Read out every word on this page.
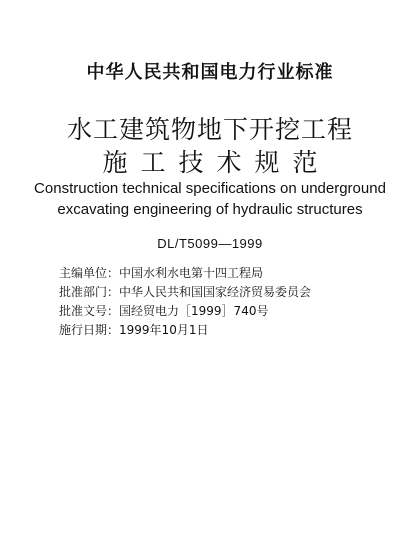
中华人民共和国电力行业标准
水工建筑物地下开挖工程
施工技术规范
Construction technical specifications on underground
excavating engineering of hydraulic structures
DL/T5099—1999
主编单位：中国水利水电第十四工程局
批准部门：中华人民共和国国家经济贸易委员会
批准文号：国经贸电力［1999］740号
施行日期：1999年10月1日
